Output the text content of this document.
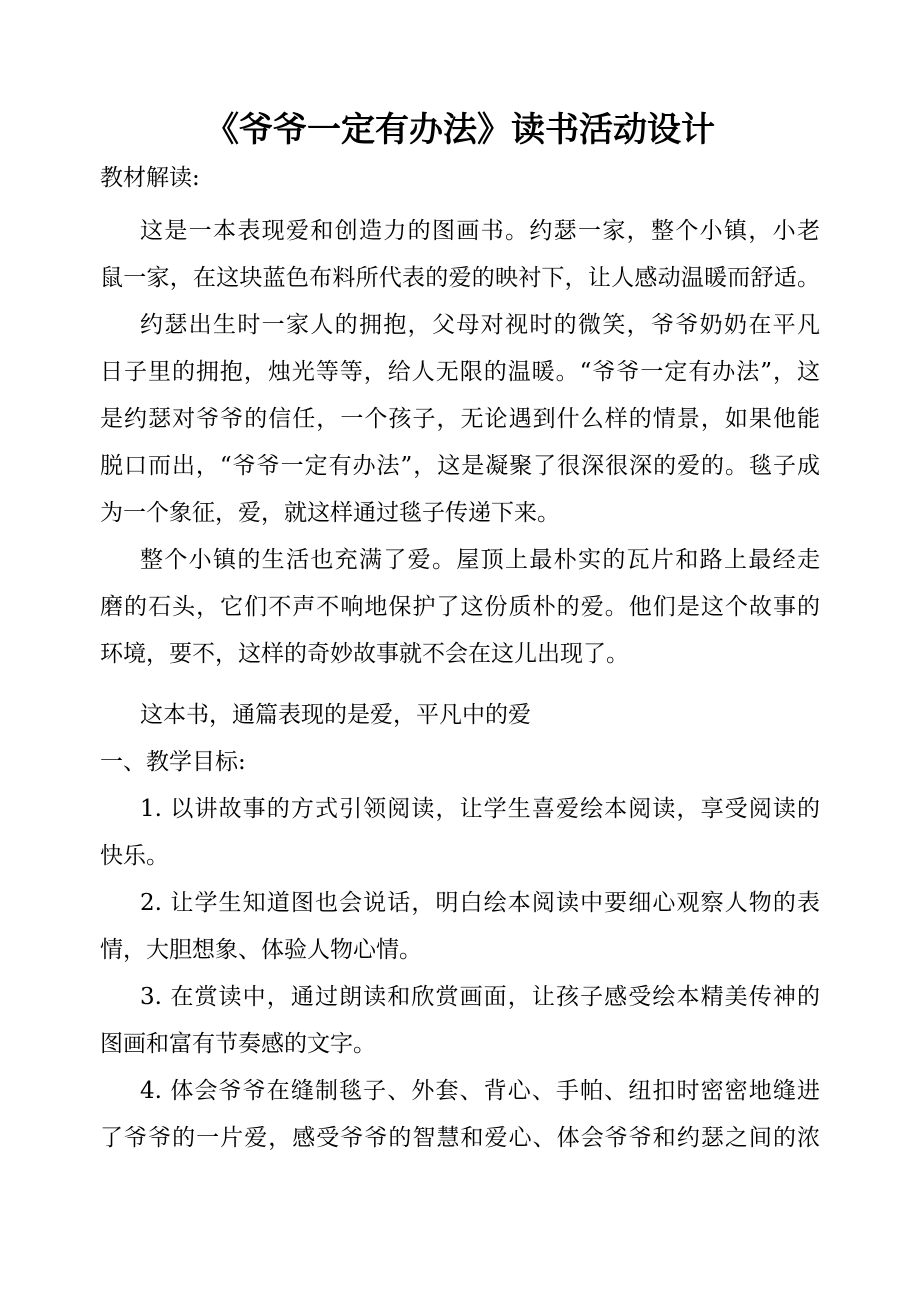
《爷爷一定有办法》读书活动设计
教材解读:
这是一本表现爱和创造力的图画书。约瑟一家，整个小镇，小老
鼠一家，在这块蓝色布料所代表的爱的映衬下，让人感动温暖而舒适。
约瑟出生时一家人的拥抱，父母对视时的微笑，爷爷奶奶在平凡
日子里的拥抱，烛光等等，给人无限的温暖。“爷爷一定有办法”，这
是约瑟对爷爷的信任，一个孩子，无论遇到什么样的情景，如果他能
脱口而出，“爷爷一定有办法”，这是凝聚了很深很深的爱的。毯子成
为一个象征，爱，就这样通过毯子传递下来。
整个小镇的生活也充满了爱。屋顶上最朴实的瓦片和路上最经走
磨的石头，它们不声不响地保护了这份质朴的爱。他们是这个故事的
环境，要不，这样的奇妙故事就不会在这儿出现了。
这本书，通篇表现的是爱，平凡中的爱
一、教学目标:
1. 以讲故事的方式引领阅读，让学生喜爱绘本阅读，享受阅读的
快乐。
2. 让学生知道图也会说话，明白绘本阅读中要细心观察人物的表
情，大胆想象、体验人物心情。
3. 在赏读中，通过朗读和欣赏画面，让孩子感受绘本精美传神的
图画和富有节奏感的文字。
4. 体会爷爷在缝制毯子、外套、背心、手帕、纽扣时密密地缝进
了爷爷的一片爱，感受爷爷的智慧和爱心、体会爷爷和约瑟之间的浓
